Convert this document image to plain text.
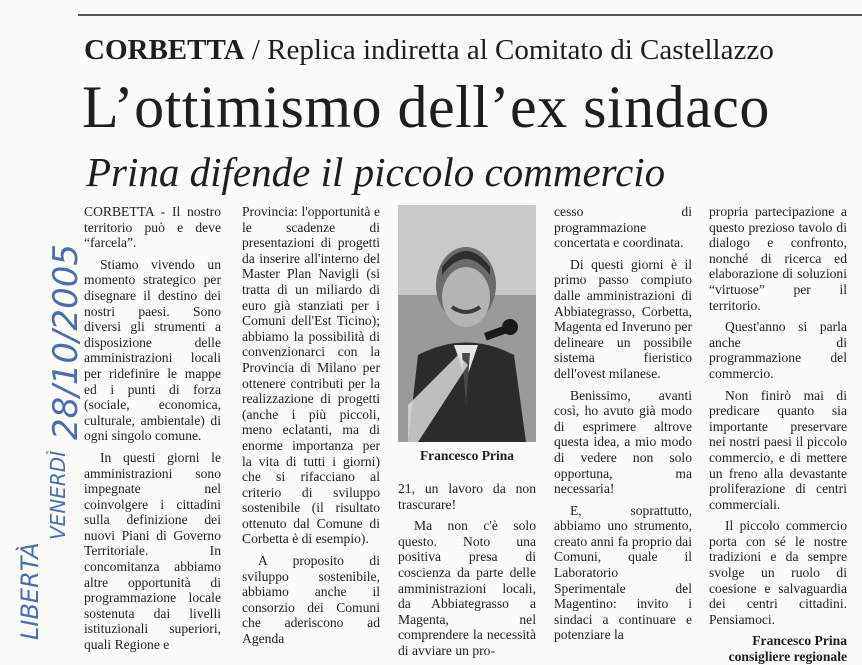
CORBETTA / Replica indiretta al Comitato di Castellazzo
L’ottimismo dell’ex sindaco
Prina difende il piccolo commercio
LIBERTÀ
VENERDÌ
28/10/2005

CORBETTA - Il nostro territorio può e deve “farcela”.

Stiamo vivendo un momento strategico per disegnare il destino dei nostri paesi. Sono diversi gli strumenti a disposizione delle amministrazioni locali per ridefinire le mappe ed i punti di forza (sociale, economica, culturale, ambientale) di ogni singolo comune.

In questi giorni le amministrazioni sono impegnate nel coinvolgere i cittadini sulla definizione dei nuovi Piani di Governo Territoriale. In concomitanza abbiamo altre opportunità di programmazione locale sostenuta dai livelli istituzionali superiori, quali Regione e

Provincia: l'opportunità e le scadenze di presentazioni di progetti da inserire all'interno del Master Plan Navigli (si tratta di un miliardo di euro già stanziati per i Comuni dell'Est Ticino); abbiamo la possibilità di convenzionarci con la Provincia di Milano per ottenere contributi per la realizzazione di progetti (anche i più piccoli, meno eclatanti, ma di enorme importanza per la vita di tutti i giorni) che si rifacciano al criterio di sviluppo sostenibile (il risultato ottenuto dal Comune di Corbetta è di esempio).

A proposito di sviluppo sostenibile, abbiamo anche il consorzio dei Comuni che aderiscono ad Agenda

Francesco Prina

21, un lavoro da non trascurare!

Ma non c'è solo questo. Noto una positiva presa di coscienza da parte delle amministrazioni locali, da Abbiategrasso a Magenta, nel comprendere la necessità di avviare un pro-

cesso di programmazione concertata e coordinata.

Di questi giorni è il primo passo compiuto dalle amministrazioni di Abbiategrasso, Corbetta, Magenta ed Inveruno per delineare un possibile sistema fieristico dell'ovest milanese.

Benissimo, avanti così, ho avuto già modo di esprimere altrove questa idea, a mio modo di vedere non solo opportuna, ma necessaria!

E, soprattutto, abbiamo uno strumento, creato anni fa proprio dai Comuni, quale il Laboratorio Sperimentale del Magentino: invito i sindaci a continuare e potenziare la

propria partecipazione a questo prezioso tavolo di dialogo e confronto, nonché di ricerca ed elaborazione di soluzioni “virtuose” per il territorio.

Quest'anno si parla anche di programmazione del commercio.

Non finirò mai di predicare quanto sia importante preservare nei nostri paesi il piccolo commercio, e di mettere un freno alla devastante proliferazione di centri commerciali.

Il piccolo commercio porta con sé le nostre tradizioni e da sempre svolge un ruolo di coesione e salvaguardia dei centri cittadini. Pensiamoci.

Francesco Prina
consigliere regionale
